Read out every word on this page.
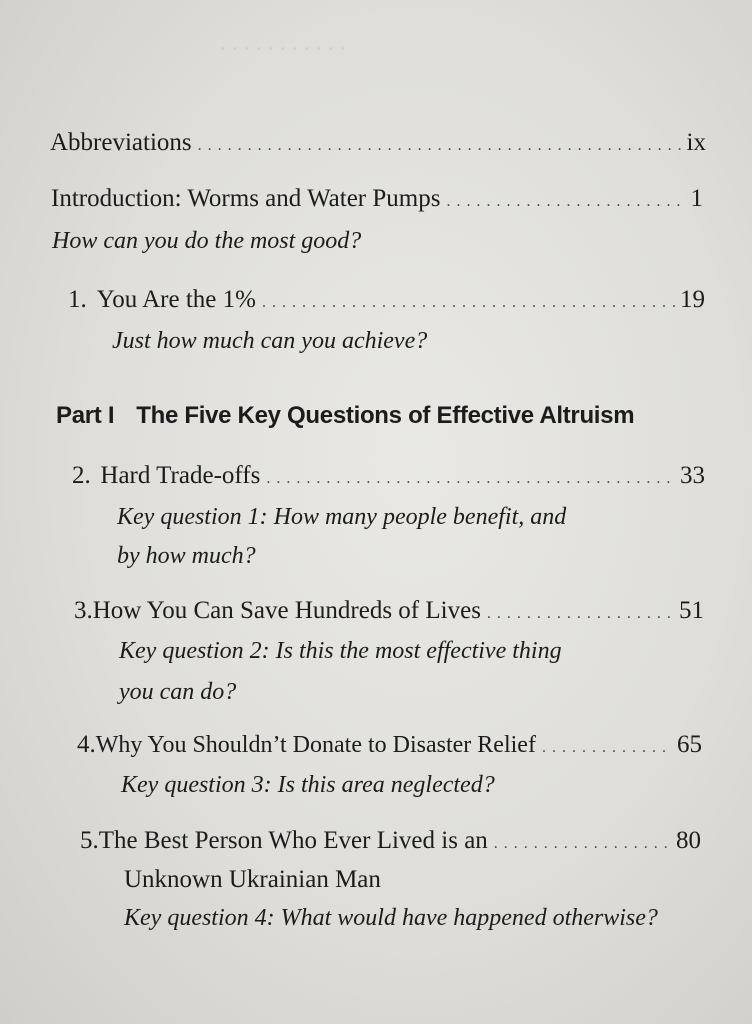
. . . . . . . . . . .
Abbreviations . . .	ix
Introduction: Worms and Water Pumps . . .	1
How can you do the most good?
1. You Are the 1% . . .	19
Just how much can you achieve?
Part I The Five Key Questions of Effective Altruism
2. Hard Trade-offs . . .	33
Key question 1: How many people benefit, and
by how much?
3. How You Can Save Hundreds of Lives . . .	51
Key question 2: Is this the most effective thing
you can do?
4. Why You Shouldn’t Donate to Disaster Relief . . .	65
Key question 3: Is this area neglected?
5. The Best Person Who Ever Lived is an . . .	80
Unknown Ukrainian Man
Key question 4: What would have happened otherwise?
